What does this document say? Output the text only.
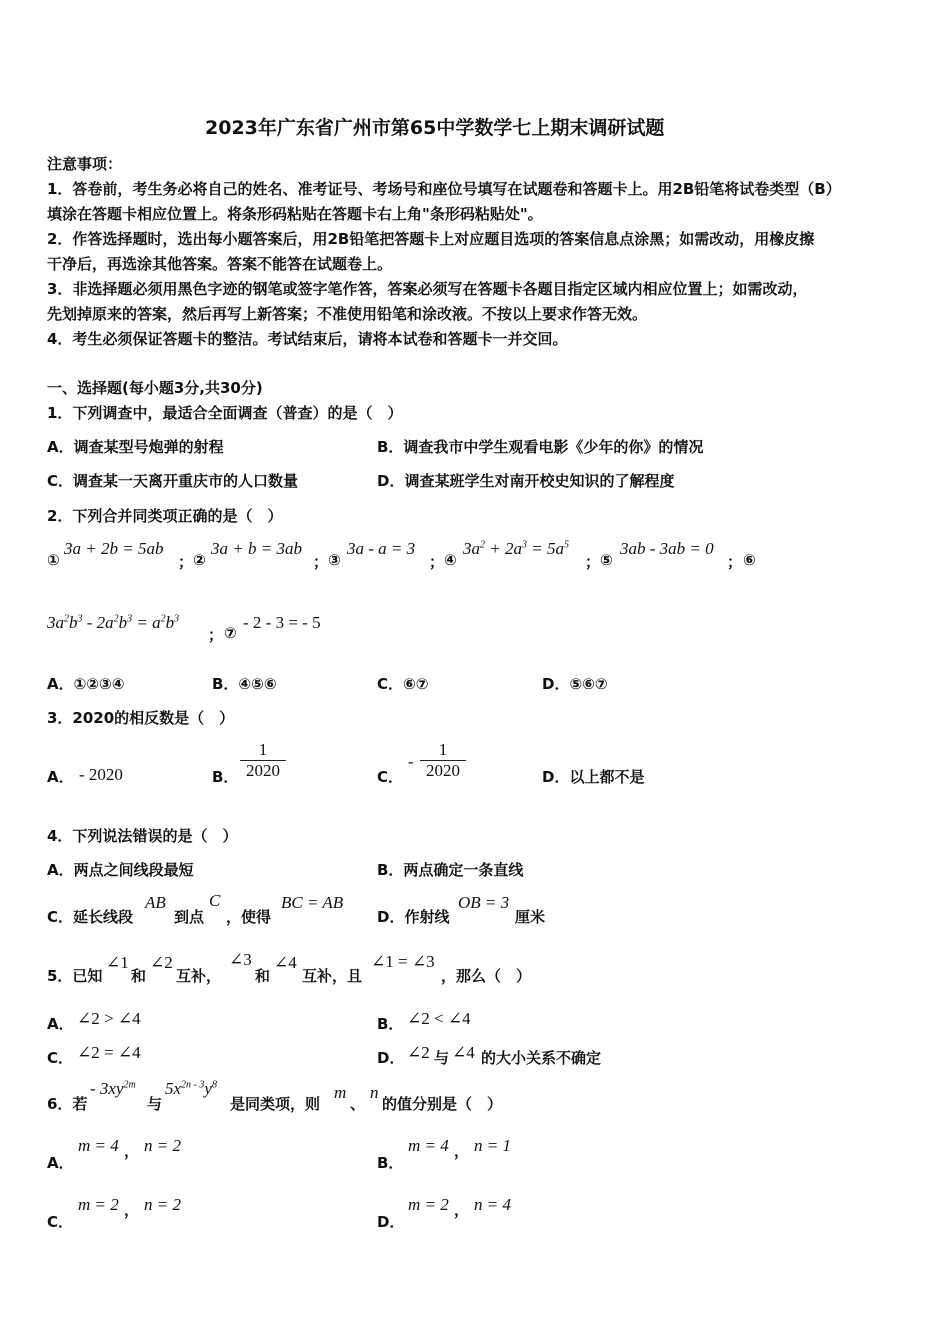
2023年广东省广州市第65中学数学七上期末调研试题
注意事项：
1．答卷前，考生务必将自己的姓名、准考证号、考场号和座位号填写在试题卷和答题卡上。用2B铅笔将试卷类型（B）
填涂在答题卡相应位置上。将条形码粘贴在答题卡右上角"条形码粘贴处"。
2．作答选择题时，选出每小题答案后，用2B铅笔把答题卡上对应题目选项的答案信息点涂黑；如需改动，用橡皮擦
干净后，再选涂其他答案。答案不能答在试题卷上。
3．非选择题必须用黑色字迹的钢笔或签字笔作答，答案必须写在答题卡各题目指定区域内相应位置上；如需改动，
先划掉原来的答案，然后再写上新答案；不准使用铅笔和涂改液。不按以上要求作答无效。
4．考生必须保证答题卡的整洁。考试结束后，请将本试卷和答题卡一并交回。
一、选择题(每小题3分,共30分)
1．下列调查中，最适合全面调查（普查）的是（　）
A．调查某型号炮弹的射程	B．调查我市中学生观看电影《少年的你》的情况
C．调查某一天离开重庆市的人口数量	D．调查某班学生对南开校史知识的了解程度
2．下列合并同类项正确的是（　）
①
3a + 2b = 5ab
； ②
3a + b = 3ab
； ③
3a - a = 3
； ④
$3a^2 + 2a^3 = 5a^5$
； ⑤
3ab - 3ab = 0
； ⑥
$3a^2b^3 - 2a^2b^3 = a^2b^3$
； ⑦
- 2 - 3 = - 5
A．①②③④	B．④⑤⑥	C．⑥⑦	D．⑤⑥⑦
3．2020的相反数是（　）
A． - 2020	B．
1
2020	C．
-
1
2020	D．以上都不是
4．下列说法错误的是（　）
A．两点之间线段最短	B．两点确定一条直线
C．延长线段
AB
到点
C
，使得
BC = AB
D．作射线
OB = 3
厘米
5．已知
∠1
和
∠2
互补，
∠3
和
∠4
互补，且
∠1 = ∠3
，那么（　）
A． ∠2 > ∠4	B． ∠2 < ∠4
C． ∠2 = ∠4	D． ∠2 与 ∠4 的大小关系不确定
6．若
- $3xy^{2m}$
与
$5x^{2n - 3}y^8$
是同类项，则
m
、
n
的值分别是（　）
A．
m = 4 ， n = 2
B．
m = 4 ， n = 1
C．
m = 2 ， n = 2
D．
m = 2 ， n = 4
